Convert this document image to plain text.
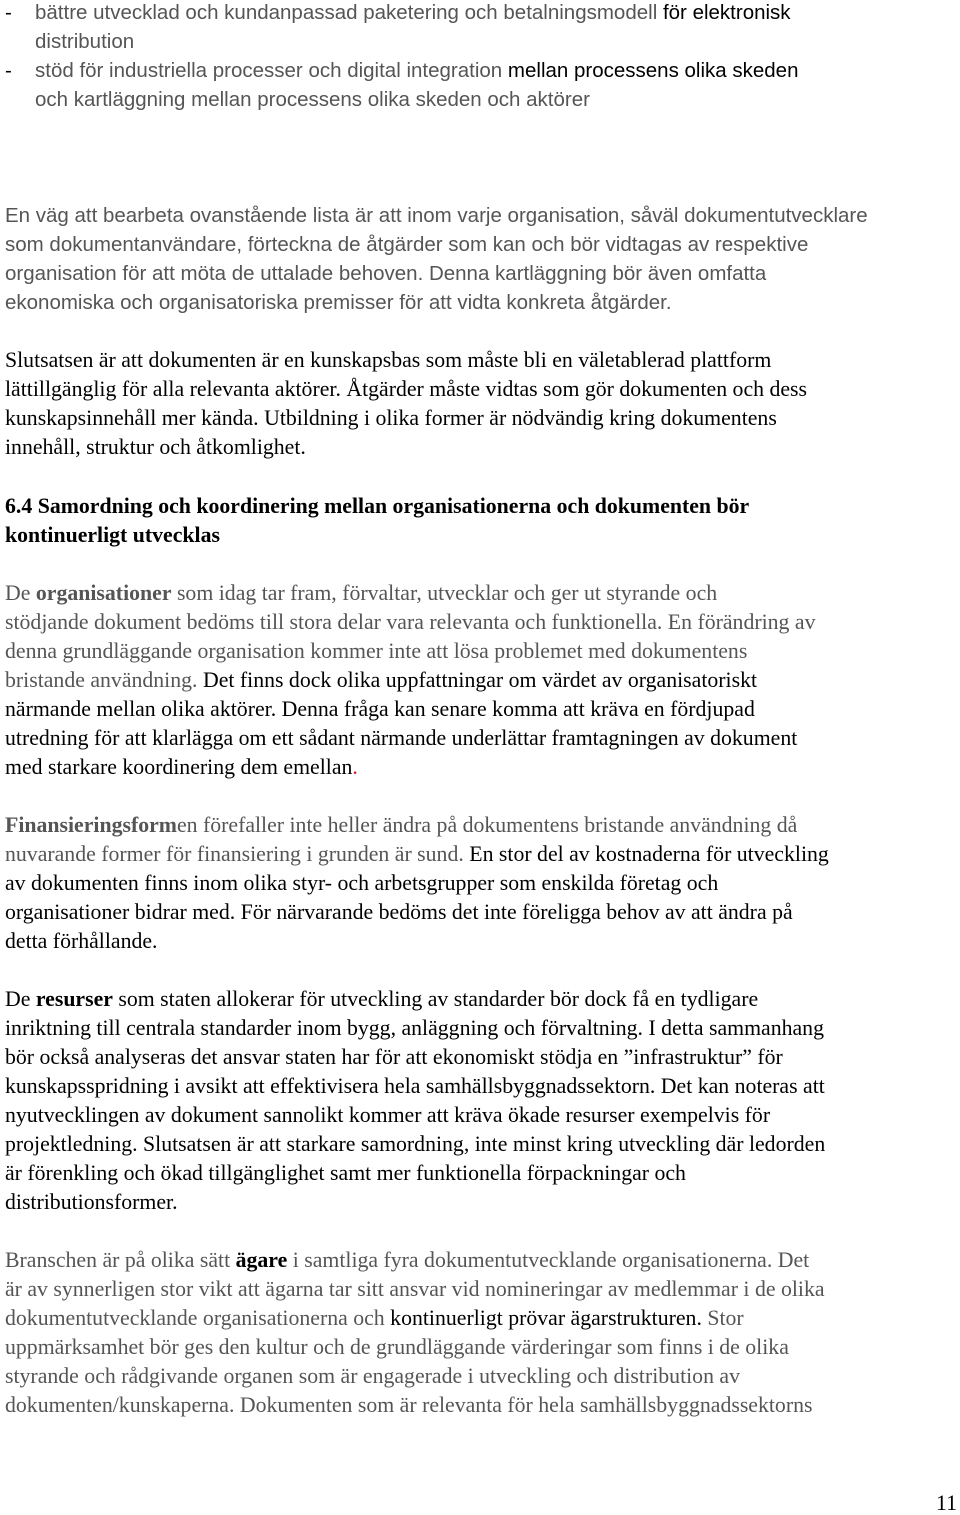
- bättre utvecklad och kundanpassad paketering och betalningsmodell för elektronisk
distribution
- stöd för industriella processer och digital integration mellan processens olika skeden
och kartläggning mellan processens olika skeden och aktörer
En väg att bearbeta ovanstående lista är att inom varje organisation, såväl dokumentutvecklare
som dokumentanvändare, förteckna de åtgärder som kan och bör vidtagas av respektive
organisation för att möta de uttalade behoven. Denna kartläggning bör även omfatta
ekonomiska och organisatoriska premisser för att vidta konkreta åtgärder.
Slutsatsen är att dokumenten är en kunskapsbas som måste bli en väletablerad plattform
lättillgänglig för alla relevanta aktörer. Åtgärder måste vidtas som gör dokumenten och dess
kunskapsinnehåll mer kända. Utbildning i olika former är nödvändig kring dokumentens
innehåll, struktur och åtkomlighet.
6.4 Samordning och koordinering mellan organisationerna och dokumenten bör
kontinuerligt utvecklas
De organisationer som idag tar fram, förvaltar, utvecklar och ger ut styrande och
stödjande dokument bedöms till stora delar vara relevanta och funktionella. En förändring av
denna grundläggande organisation kommer inte att lösa problemet med dokumentens
bristande användning. Det finns dock olika uppfattningar om värdet av organisatoriskt
närmande mellan olika aktörer. Denna fråga kan senare komma att kräva en fördjupad
utredning för att klarlägga om ett sådant närmande underlättar framtagningen av dokument
med starkare koordinering dem emellan.
Finansieringsformen förefaller inte heller ändra på dokumentens bristande användning då
nuvarande former för finansiering i grunden är sund. En stor del av kostnaderna för utveckling
av dokumenten finns inom olika styr- och arbetsgrupper som enskilda företag och
organisationer bidrar med. För närvarande bedöms det inte föreligga behov av att ändra på
detta förhållande.
De resurser som staten allokerar för utveckling av standarder bör dock få en tydligare
inriktning till centrala standarder inom bygg, anläggning och förvaltning. I detta sammanhang
bör också analyseras det ansvar staten har för att ekonomiskt stödja en ”infrastruktur” för
kunskapsspridning i avsikt att effektivisera hela samhällsbyggnadssektorn. Det kan noteras att
nyutvecklingen av dokument sannolikt kommer att kräva ökade resurser exempelvis för
projektledning. Slutsatsen är att starkare samordning, inte minst kring utveckling där ledorden
är förenkling och ökad tillgänglighet samt mer funktionella förpackningar och
distributionsformer.
Branschen är på olika sätt ägare i samtliga fyra dokumentutvecklande organisationerna. Det
är av synnerligen stor vikt att ägarna tar sitt ansvar vid nomineringar av medlemmar i de olika
dokumentutvecklande organisationerna och kontinuerligt prövar ägarstrukturen. Stor
uppmärksamhet bör ges den kultur och de grundläggande värderingar som finns i de olika
styrande och rådgivande organen som är engagerade i utveckling och distribution av
dokumenten/kunskaperna. Dokumenten som är relevanta för hela samhällsbyggnadssektorns
11
